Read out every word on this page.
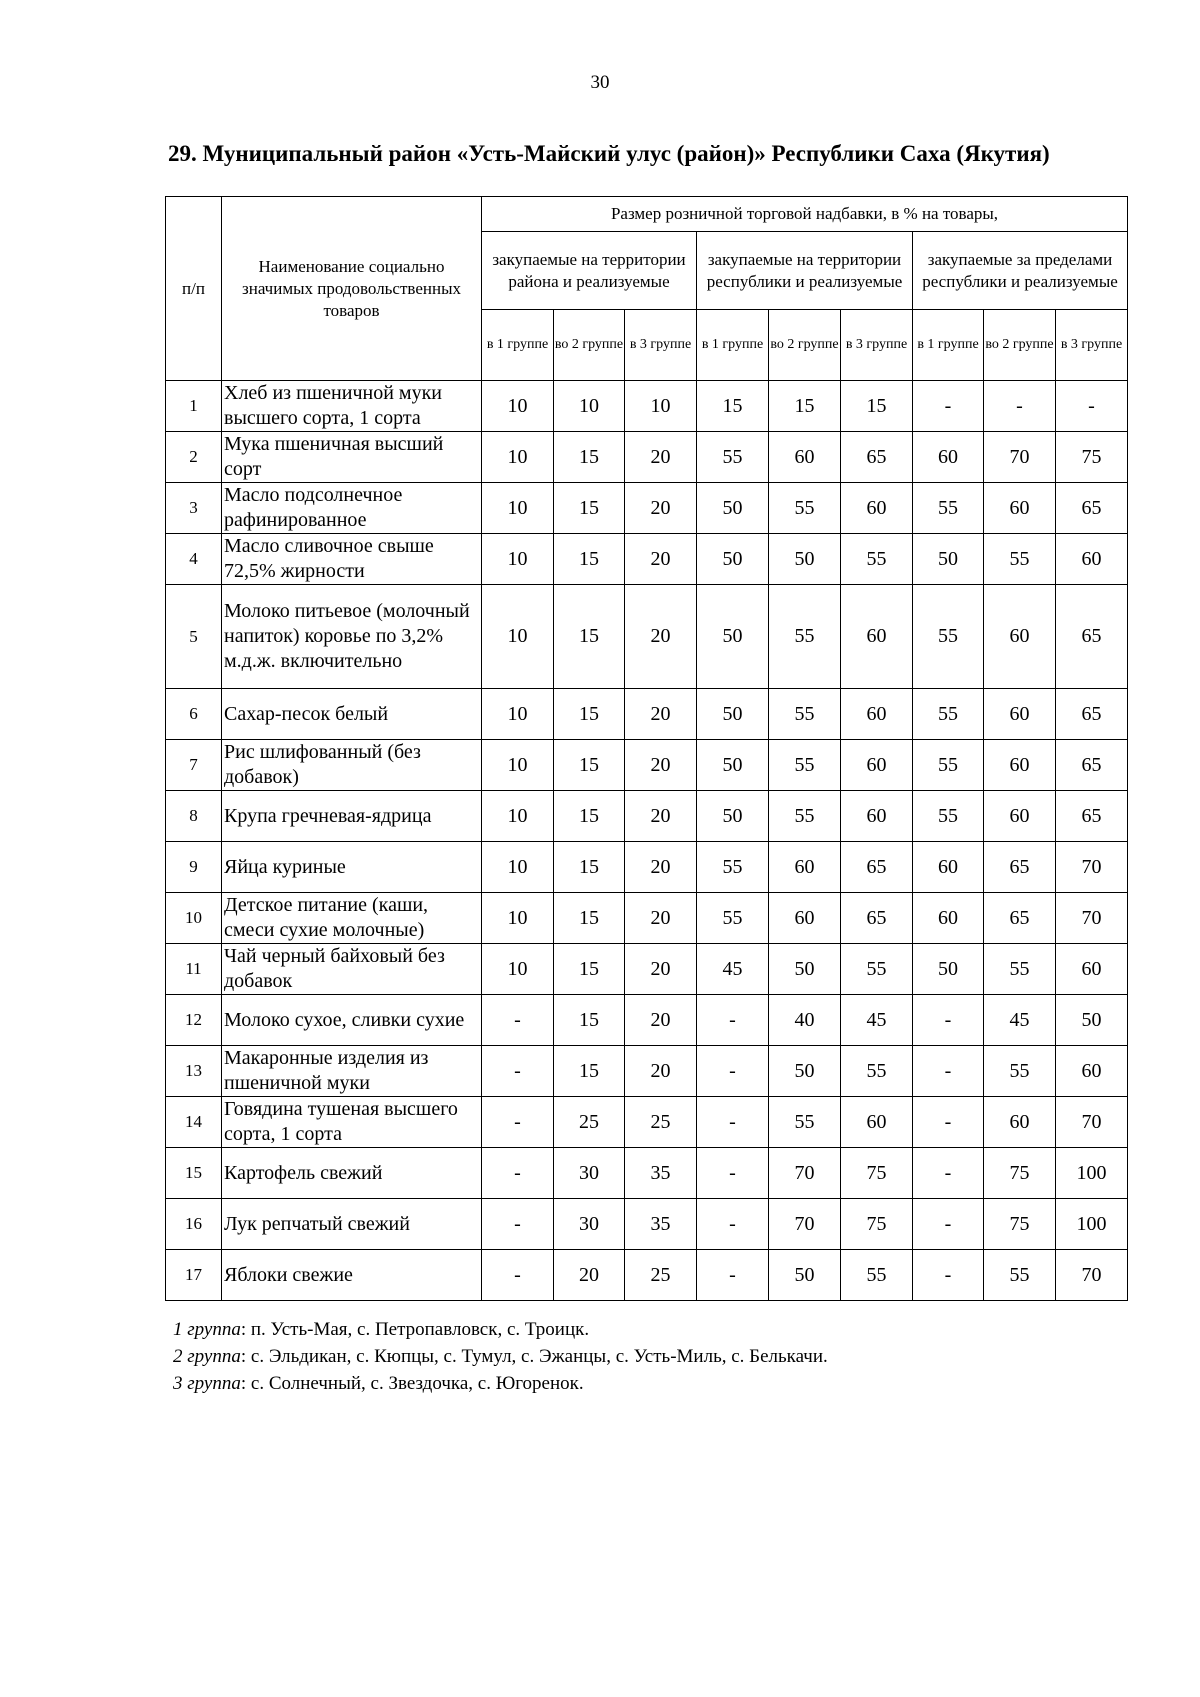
30
29. Муниципальный район «Усть-Майский улус (район)» Республики Саха (Якутия)
п/п	Наименование социально значимых продовольственных товаров	Размер розничной торговой надбавки, в % на товары,								
		закупаемые на территории района и реализуемые			закупаемые на территории республики и реализуемые			закупаемые за пределами республики и реализуемые		
		в 1 группе	во 2 группе	в 3 группе	в 1 группе	во 2 группе	в 3 группе	в 1 группе	во 2 группе	в 3 группе
1	Хлеб из пшеничной муки высшего сорта, 1 сорта	10	10	10	15	15	15	-	-	-
2	Мука пшеничная высший сорт	10	15	20	55	60	65	60	70	75
3	Масло подсолнечное рафинированное	10	15	20	50	55	60	55	60	65
4	Масло сливочное свыше 72,5% жирности	10	15	20	50	50	55	50	55	60
5	Молоко питьевое (молочный напиток) коровье по 3,2% м.д.ж. включительно	10	15	20	50	55	60	55	60	65
6	Сахар-песок белый	10	15	20	50	55	60	55	60	65
7	Рис шлифованный (без добавок)	10	15	20	50	55	60	55	60	65
8	Крупа гречневая-ядрица	10	15	20	50	55	60	55	60	65
9	Яйца куриные	10	15	20	55	60	65	60	65	70
10	Детское питание (каши, смеси сухие молочные)	10	15	20	55	60	65	60	65	70
11	Чай черный байховый без добавок	10	15	20	45	50	55	50	55	60
12	Молоко сухое, сливки сухие	-	15	20	-	40	45	-	45	50
13	Макаронные изделия из пшеничной муки	-	15	20	-	50	55	-	55	60
14	Говядина тушеная высшего сорта, 1 сорта	-	25	25	-	55	60	-	60	70
15	Картофель свежий	-	30	35	-	70	75	-	75	100
16	Лук репчатый свежий	-	30	35	-	70	75	-	75	100
17	Яблоки свежие	-	20	25	-	50	55	-	55	70
1 группа: п. Усть-Мая, с. Петропавловск, с. Троицк.
2 группа: с. Эльдикан, с. Кюпцы, с. Тумул, с. Эжанцы, с. Усть-Миль, с. Белькачи.
3 группа: с. Солнечный, с. Звездочка, с. Югоренок.
